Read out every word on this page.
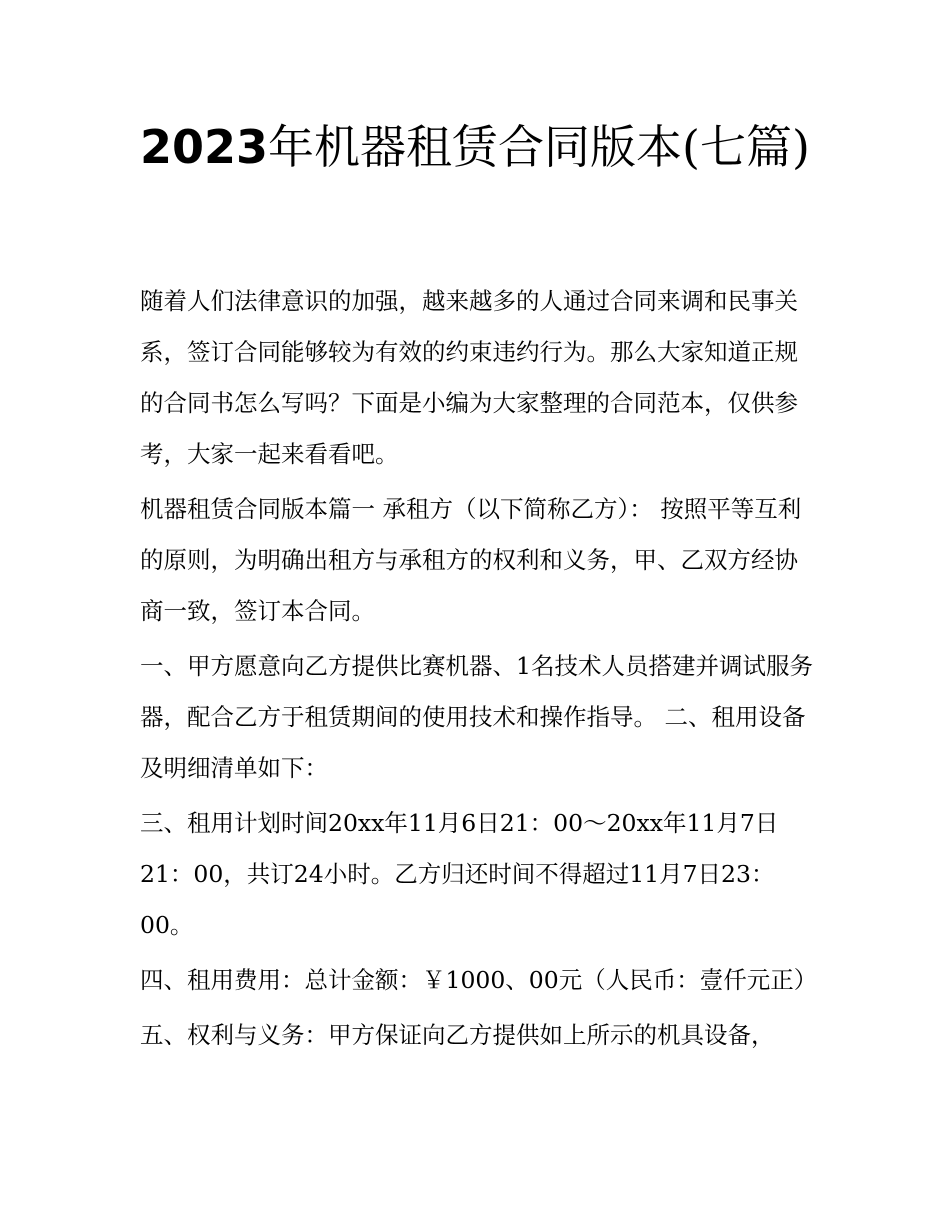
2023年机器租赁合同版本(七篇)

随着人们法律意识的加强，越来越多的人通过合同来调和民事关系，签订合同能够较为有效的约束违约行为。那么大家知道正规的合同书怎么写吗？下面是小编为大家整理的合同范本，仅供参考，大家一起来看看吧。

机器租赁合同版本篇一 承租方（以下简称乙方）： 按照平等互利的原则，为明确出租方与承租方的权利和义务，甲、乙双方经协商一致，签订本合同。

一、甲方愿意向乙方提供比赛机器、1名技术人员搭建并调试服务器，配合乙方于租赁期间的使用技术和操作指导。 二、租用设备及明细清单如下：

三、租用计划时间20xx年11月6日21：00～20xx年11月7日21：00，共订24小时。乙方归还时间不得超过11月7日23：00。

四、租用费用：总计金额：￥1000、00元（人民币：壹仟元正）

五、权利与义务：甲方保证向乙方提供如上所示的机具设备，
